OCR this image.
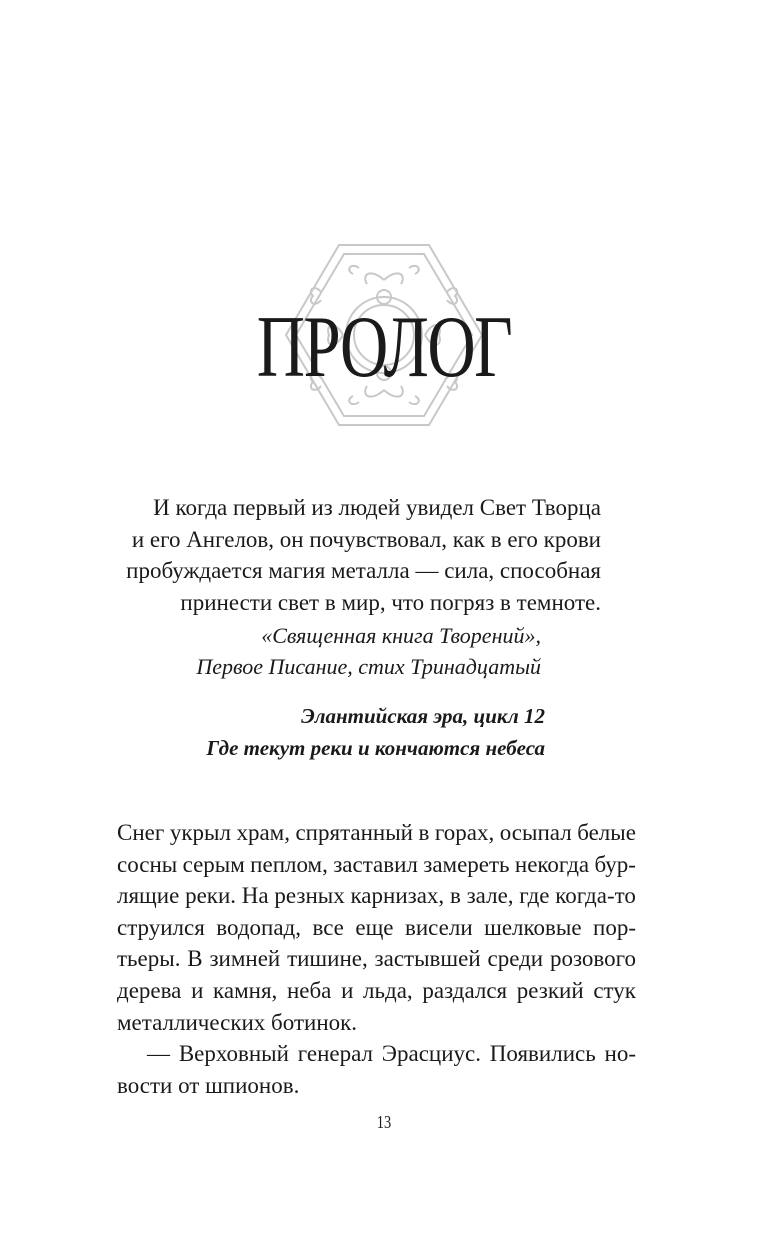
ПРОЛОГ
И когда первый из людей увидел Свет Творца
и его Ангелов, он почувствовал, как в его крови
пробуждается магия металла — сила, способная
принести свет в мир, что погряз в темноте.
«Священная книга Творений»,
Первое Писание, стих Тринадцатый
Элантийская эра, цикл 12
Где текут реки и кончаются небеса

Снег укрыл храм, спрятанный в горах, осыпал белые
сосны серым пеплом, заставил замереть некогда бур-
лящие реки. На резных карнизах, в зале, где когда-то
струился водопад, все еще висели шелковые пор-
тьеры. В зимней тишине, застывшей среди розового
дерева и камня, неба и льда, раздался резкий стук
металлических ботинок.

— Верховный генерал Эрасциус. Появились но-
вости от шпионов.

13
